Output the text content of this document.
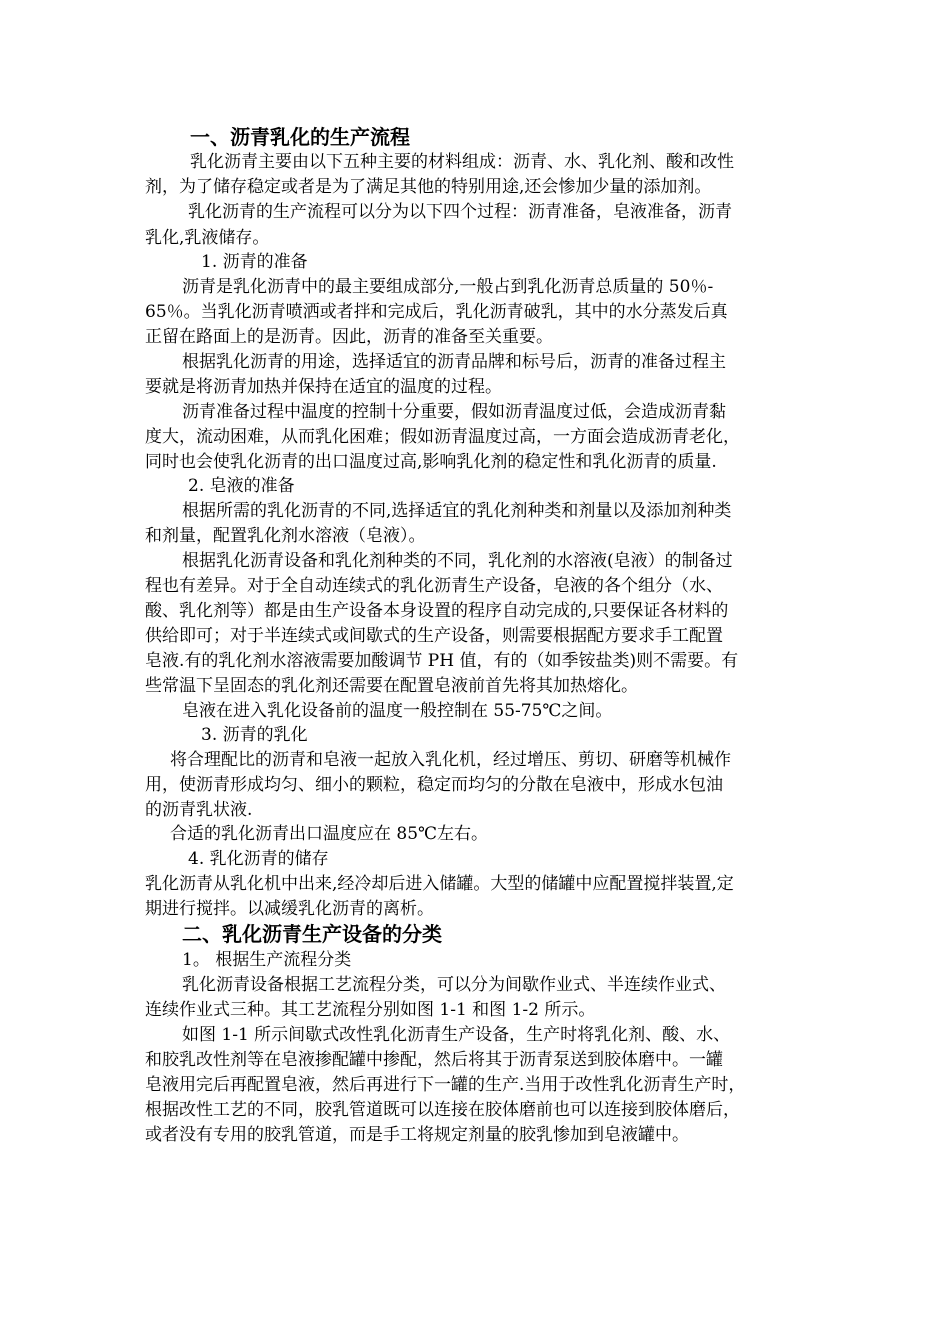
一、沥青乳化的生产流程
乳化沥青主要由以下五种主要的材料组成：沥青、水、乳化剂、酸和改性
剂，为了储存稳定或者是为了满足其他的特别用途,还会惨加少量的添加剂。
乳化沥青的生产流程可以分为以下四个过程：沥青准备，皂液准备，沥青
乳化,乳液储存。
1. 沥青的准备
沥青是乳化沥青中的最主要组成部分,一般占到乳化沥青总质量的 50％-
65％。当乳化沥青喷洒或者拌和完成后，乳化沥青破乳，其中的水分蒸发后真
正留在路面上的是沥青。因此，沥青的准备至关重要。
根据乳化沥青的用途，选择适宜的沥青品牌和标号后，沥青的准备过程主
要就是将沥青加热并保持在适宜的温度的过程。
沥青准备过程中温度的控制十分重要，假如沥青温度过低，会造成沥青黏
度大，流动困难，从而乳化困难；假如沥青温度过高，一方面会造成沥青老化，
同时也会使乳化沥青的出口温度过高,影响乳化剂的稳定性和乳化沥青的质量.
2. 皂液的准备
根据所需的乳化沥青的不同,选择适宜的乳化剂种类和剂量以及添加剂种类
和剂量，配置乳化剂水溶液（皂液）。
根据乳化沥青设备和乳化剂种类的不同，乳化剂的水溶液(皂液）的制备过
程也有差异。对于全自动连续式的乳化沥青生产设备，皂液的各个组分（水、
酸、乳化剂等）都是由生产设备本身设置的程序自动完成的,只要保证各材料的
供给即可；对于半连续式或间歇式的生产设备，则需要根据配方要求手工配置
皂液.有的乳化剂水溶液需要加酸调节 PH 值，有的（如季铵盐类)则不需要。有
些常温下呈固态的乳化剂还需要在配置皂液前首先将其加热熔化。
皂液在进入乳化设备前的温度一般控制在 55-75℃之间。
3. 沥青的乳化
将合理配比的沥青和皂液一起放入乳化机，经过增压、剪切、研磨等机械作
用，使沥青形成均匀、细小的颗粒，稳定而均匀的分散在皂液中，形成水包油
的沥青乳状液.
合适的乳化沥青出口温度应在 85℃左右。
4. 乳化沥青的储存
乳化沥青从乳化机中出来,经冷却后进入储罐。大型的储罐中应配置搅拌装置,定
期进行搅拌。以减缓乳化沥青的离析。
二、乳化沥青生产设备的分类
1。 根据生产流程分类
乳化沥青设备根据工艺流程分类，可以分为间歇作业式、半连续作业式、
连续作业式三种。其工艺流程分别如图 1-1 和图 1-2 所示。
如图 1-1 所示间歇式改性乳化沥青生产设备，生产时将乳化剂、酸、水、
和胶乳改性剂等在皂液掺配罐中掺配，然后将其于沥青泵送到胶体磨中。一罐
皂液用完后再配置皂液，然后再进行下一罐的生产.当用于改性乳化沥青生产时，
根据改性工艺的不同，胶乳管道既可以连接在胶体磨前也可以连接到胶体磨后，
或者没有专用的胶乳管道，而是手工将规定剂量的胶乳惨加到皂液罐中。
